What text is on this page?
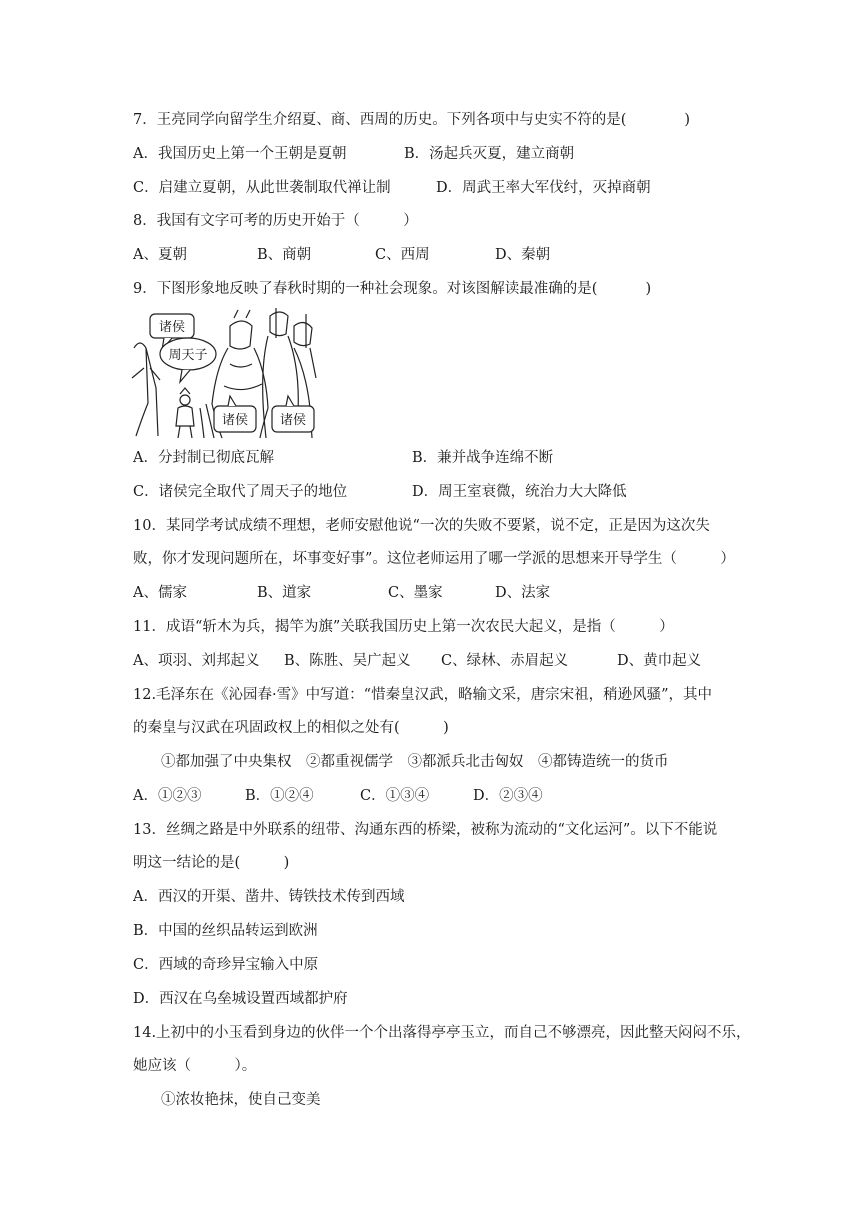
7．王亮同学向留学生介绍夏、商、西周的历史。下列各项中与史实不符的是(　　　　)
A．我国历史上第一个王朝是夏朝	B．汤起兵灭夏，建立商朝
C．启建立夏朝，从此世袭制取代禅让制	D．周武王率大军伐纣，灭掉商朝
8．我国有文字可考的历史开始于（　　　）
A、夏朝	B、商朝	C、西周	D、秦朝
9．下图形象地反映了春秋时期的一种社会现象。对该图解读最准确的是(　　　 )
诸侯
周天子
诸侯 诸侯
A．分封制已彻底瓦解	B．兼并战争连绵不断
C．诸侯完全取代了周天子的地位	D．周王室衰微，统治力大大降低
10．某同学考试成绩不理想，老师安慰他说“一次的失败不要紧，说不定，正是因为这次失
败，你才发现问题所在，坏事变好事”。这位老师运用了哪一学派的思想来开导学生（　　　）
A、儒家	B、道家	C、墨家	D、法家
11．成语“斩木为兵，揭竿为旗”关联我国历史上第一次农民大起义，是指（　　　）
A、项羽、刘邦起义 B、陈胜、吴广起义 C、绿林、赤眉起义	D、黄巾起义
12.毛泽东在《沁园春·雪》中写道：“惜秦皇汉武，略输文采，唐宗宋祖，稍逊风骚”，其中
的秦皇与汉武在巩固政权上的相似之处有(　　　)
①都加强了中央集权　②都重视儒学　③都派兵北击匈奴　④都铸造统一的货币
A．①②③	B．①②④	C．①③④	D．②③④
13．丝绸之路是中外联系的纽带、沟通东西的桥梁，被称为流动的“文化运河”。以下不能说
明这一结论的是(　　　)
A．西汉的开渠、凿井、铸铁技术传到西域
B．中国的丝织品转运到欧洲
C．西域的奇珍异宝输入中原
D．西汉在乌垒城设置西域都护府
14.上初中的小玉看到身边的伙伴一个个出落得亭亭玉立，而自己不够漂亮，因此整天闷闷不乐，
她应该（　　　）。
①浓妆艳抹，使自己变美
